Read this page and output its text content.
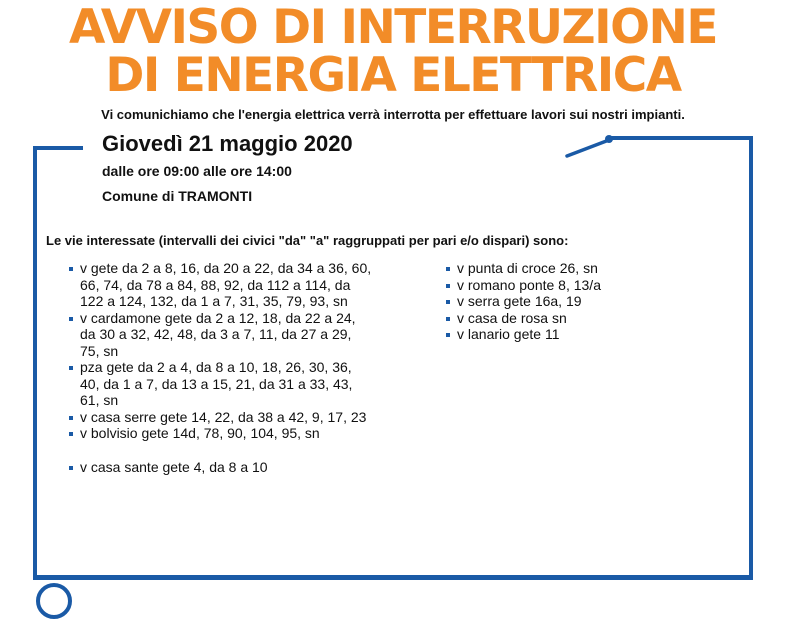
AVVISO DI INTERRUZIONE
DI ENERGIA ELETTRICA

Vi comunichiamo che l'energia elettrica verrà interrotta per effettuare lavori sui nostri impianti.

Giovedì 21 maggio 2020

dalle ore 09:00 alle ore 14:00

Comune di TRAMONTI

Le vie interessate (intervalli dei civici "da" "a" raggruppati per pari e/o dispari) sono:

v gete da 2 a 8, 16, da 20 a 22, da 34 a 36, 60, 66, 74, da 78 a 84, 88, 92, da 112 a 114, da 122 a 124, 132, da 1 a 7, 31, 35, 79, 93, sn
v cardamone gete da 2 a 12, 18, da 22 a 24, da 30 a 32, 42, 48, da 3 a 7, 11, da 27 a 29, 75, sn
pza gete da 2 a 4, da 8 a 10, 18, 26, 30, 36, 40, da 1 a 7, da 13 a 15, 21, da 31 a 33, 43, 61, sn
v casa serre gete 14, 22, da 38 a 42, 9, 17, 23
v bolvisio gete 14d, 78, 90, 104, 95, sn
v casa sante gete 4, da 8 a 10
v punta di croce 26, sn
v romano ponte 8, 13/a
v serra gete 16a, 19
v casa de rosa sn
v lanario gete 11
